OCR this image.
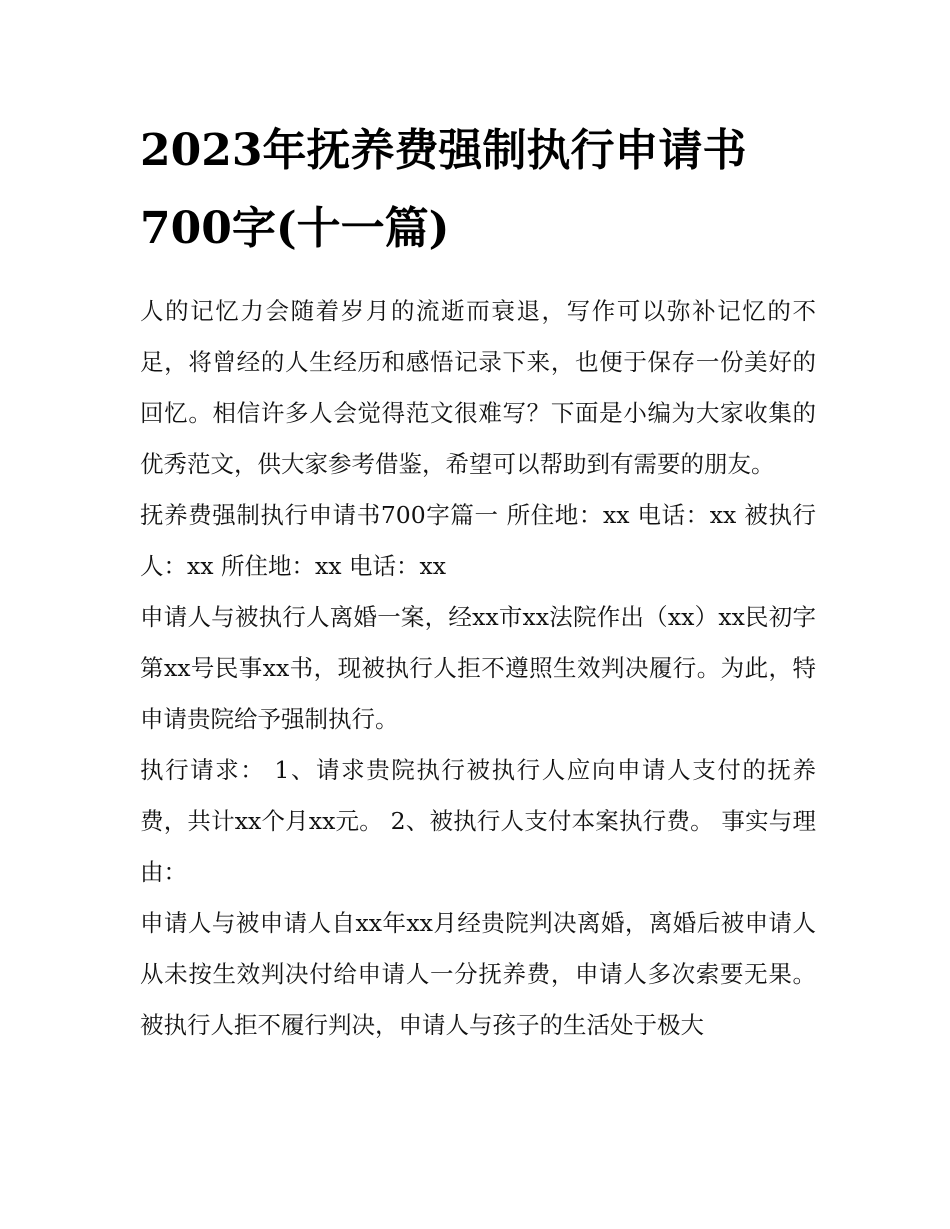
2023年抚养费强制执行申请书700字(十一篇)

人的记忆力会随着岁月的流逝而衰退，写作可以弥补记忆的不足，将曾经的人生经历和感悟记录下来，也便于保存一份美好的回忆。相信许多人会觉得范文很难写？下面是小编为大家收集的优秀范文，供大家参考借鉴，希望可以帮助到有需要的朋友。

抚养费强制执行申请书700字篇一 所住地：xx 电话：xx 被执行人：xx 所住地：xx 电话：xx

申请人与被执行人离婚一案，经xx市xx法院作出（xx）xx民初字第xx号民事xx书，现被执行人拒不遵照生效判决履行。为此，特申请贵院给予强制执行。

执行请求： 1、请求贵院执行被执行人应向申请人支付的抚养费，共计xx个月xx元。 2、被执行人支付本案执行费。 事实与理由：

申请人与被申请人自xx年xx月经贵院判决离婚，离婚后被申请人从未按生效判决付给申请人一分抚养费，申请人多次索要无果。被执行人拒不履行判决，申请人与孩子的生活处于极大
